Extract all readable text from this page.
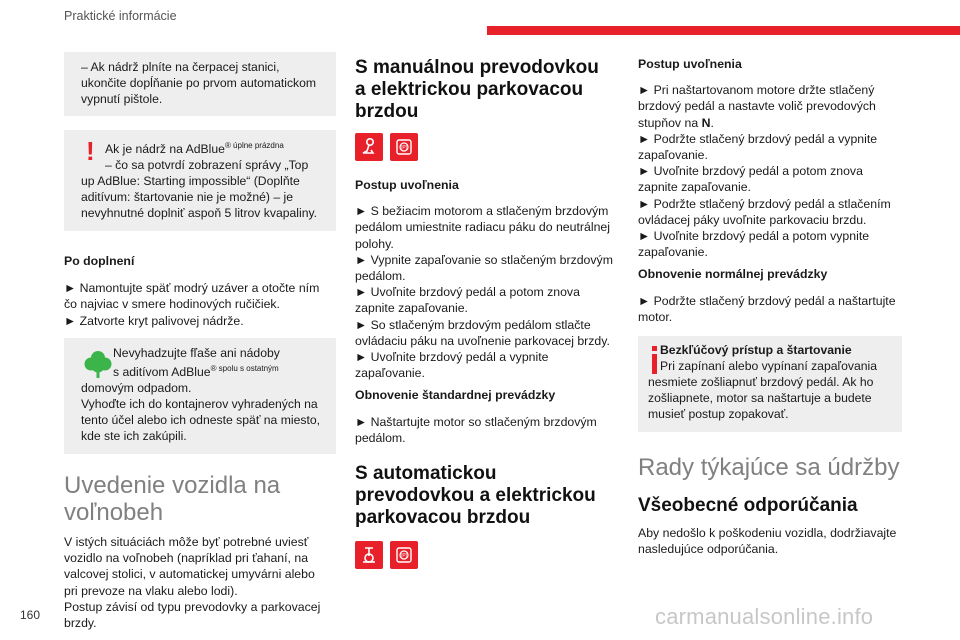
Praktické informácie

– Ak nádrž plníte na čerpacej stanici,

ukončite dopĺňanie po prvom automatickom

vypnutí pištole.

! Ak je nádrž na AdBlue$^{® úplne prázdna}$

– čo sa potvrdí zobrazení správy „Top

up AdBlue: Starting impossible“ (Doplňte

aditívum: štartovanie nie je možné) – je

nevyhnutné doplniť aspoň 5 litrov kvapaliny.

Po doplnení

► Namontujte späť modrý uzáver a otočte ním

čo najviac v smere hodinových ručičiek.

► Zatvorte kryt palivovej nádrže.

Nevyhadzujte fľaše ani nádoby

s aditívom AdBlue$^{® spolu s ostatným}$

domovým odpadom.

Vyhoďte ich do kontajnerov vyhradených na

tento účel alebo ich odneste späť na miesto,

kde ste ich zakúpili.

Uvedenie vozidla na

voľnobeh

V istých situáciách môže byť potrebné uviesť

vozidlo na voľnobeh (napríklad pri ťahaní, na

valcovej stolici, v automatickej umyvárni alebo

pri prevoze na vlaku alebo lodi).

Postup závisí od typu prevodovky a parkovacej

brzdy.

S manuálnou prevodovkou

a elektrickou parkovacou

brzdou

(P)

Postup uvoľnenia

► S bežiacim motorom a stlačeným brzdovým

pedálom umiestnite radiacu páku do neutrálnej

polohy.

► Vypnite zapaľovanie so stlačeným brzdovým

pedálom.

► Uvoľnite brzdový pedál a potom znova

zapnite zapaľovanie.

► So stlačeným brzdovým pedálom stlačte

ovládaciu páku na uvoľnenie parkovacej brzdy.

► Uvoľnite brzdový pedál a vypnite

zapaľovanie.

Obnovenie štandardnej prevádzky

► Naštartujte motor so stlačeným brzdovým

pedálom.

S automatickou

prevodovkou a elektrickou

parkovacou brzdou

(P)

Postup uvoľnenia

► Pri naštartovanom motore držte stlačený

brzdový pedál a nastavte volič prevodových

stupňov na N.

► Podržte stlačený brzdový pedál a vypnite

zapaľovanie.

► Uvoľnite brzdový pedál a potom znova

zapnite zapaľovanie.

► Podržte stlačený brzdový pedál a stlačením

ovládacej páky uvoľnite parkovaciu brzdu.

► Uvoľnite brzdový pedál a potom vypnite

zapaľovanie.

Obnovenie normálnej prevádzky

► Podržte stlačený brzdový pedál a naštartujte

motor.

Bezkľúčový prístup a štartovanie

Pri zapínaní alebo vypínaní zapaľovania

nesmiete zošliapnuť brzdový pedál. Ak ho

zošliapnete, motor sa naštartuje a budete

musieť postup zopakovať.

Rady týkajúce sa údržby

Všeobecné odporúčania

Aby nedošlo k poškodeniu vozidla, dodržiavajte

nasledujúce odporúčania.

160	carmanualsonline.info
